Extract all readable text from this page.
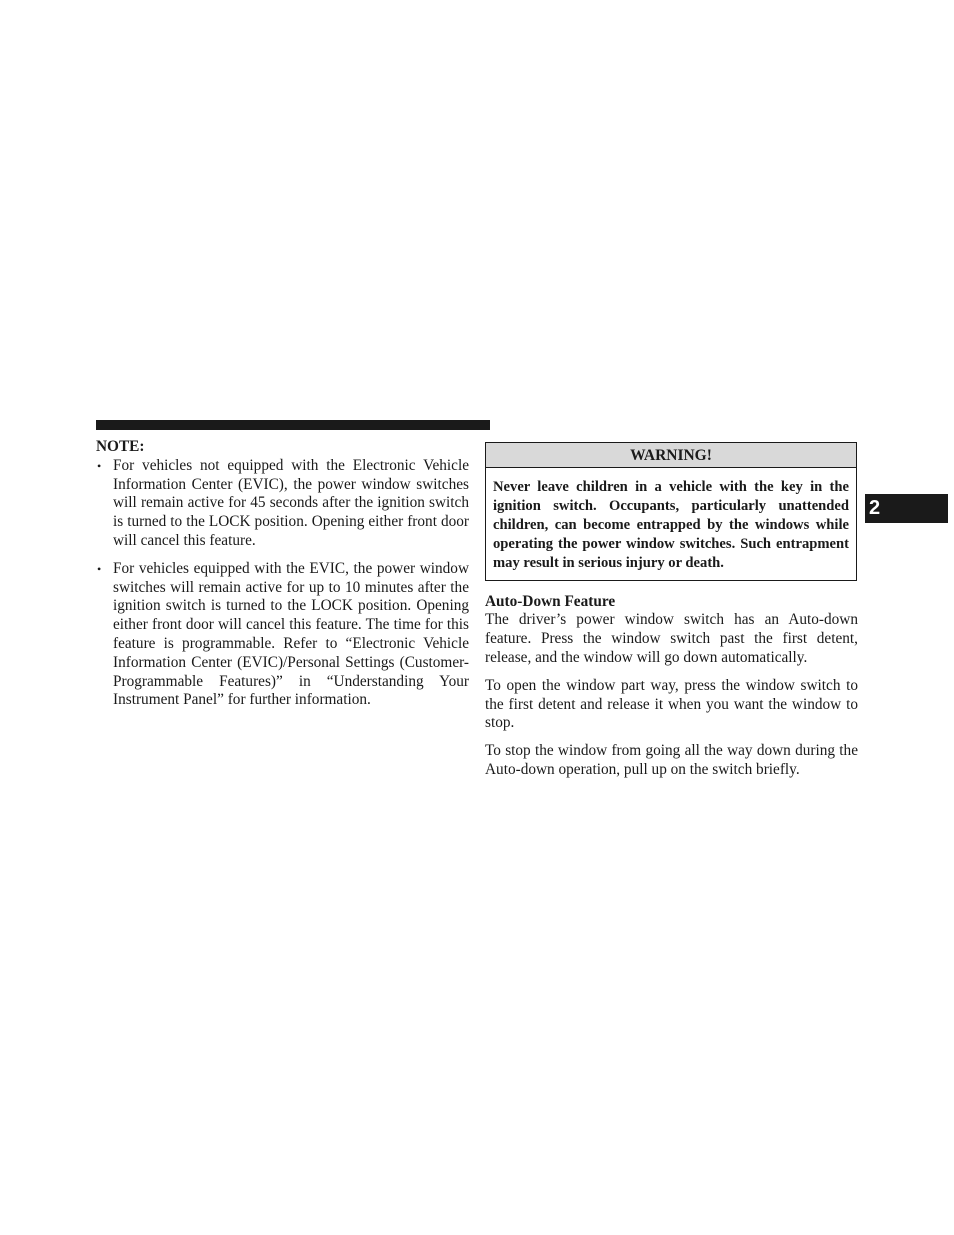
NOTE:

• For vehicles not equipped with the Electronic Vehicle Information Center (EVIC), the power window switches will remain active for 45 seconds after the ignition switch is turned to the LOCK position. Opening either front door will cancel this feature.
• For vehicles equipped with the EVIC, the power window switches will remain active for up to 10 minutes after the ignition switch is turned to the LOCK position. Opening either front door will cancel this feature. The time for this feature is programmable. Refer to “Electronic Vehicle Information Center (EVIC)/Personal Settings (Customer-Programmable Features)” in “Understanding Your Instrument Panel” for further information.
WARNING!
Never leave children in a vehicle with the key in the ignition switch. Occupants, particularly unattended children, can become entrapped by the windows while operating the power window switches. Such entrapment may result in serious injury or death.

Auto-Down Feature

The driver’s power window switch has an Auto-down feature. Press the window switch past the first detent, release, and the window will go down automatically.

To open the window part way, press the window switch to the first detent and release it when you want the window to stop.

To stop the window from going all the way down during the Auto-down operation, pull up on the switch briefly.

2
